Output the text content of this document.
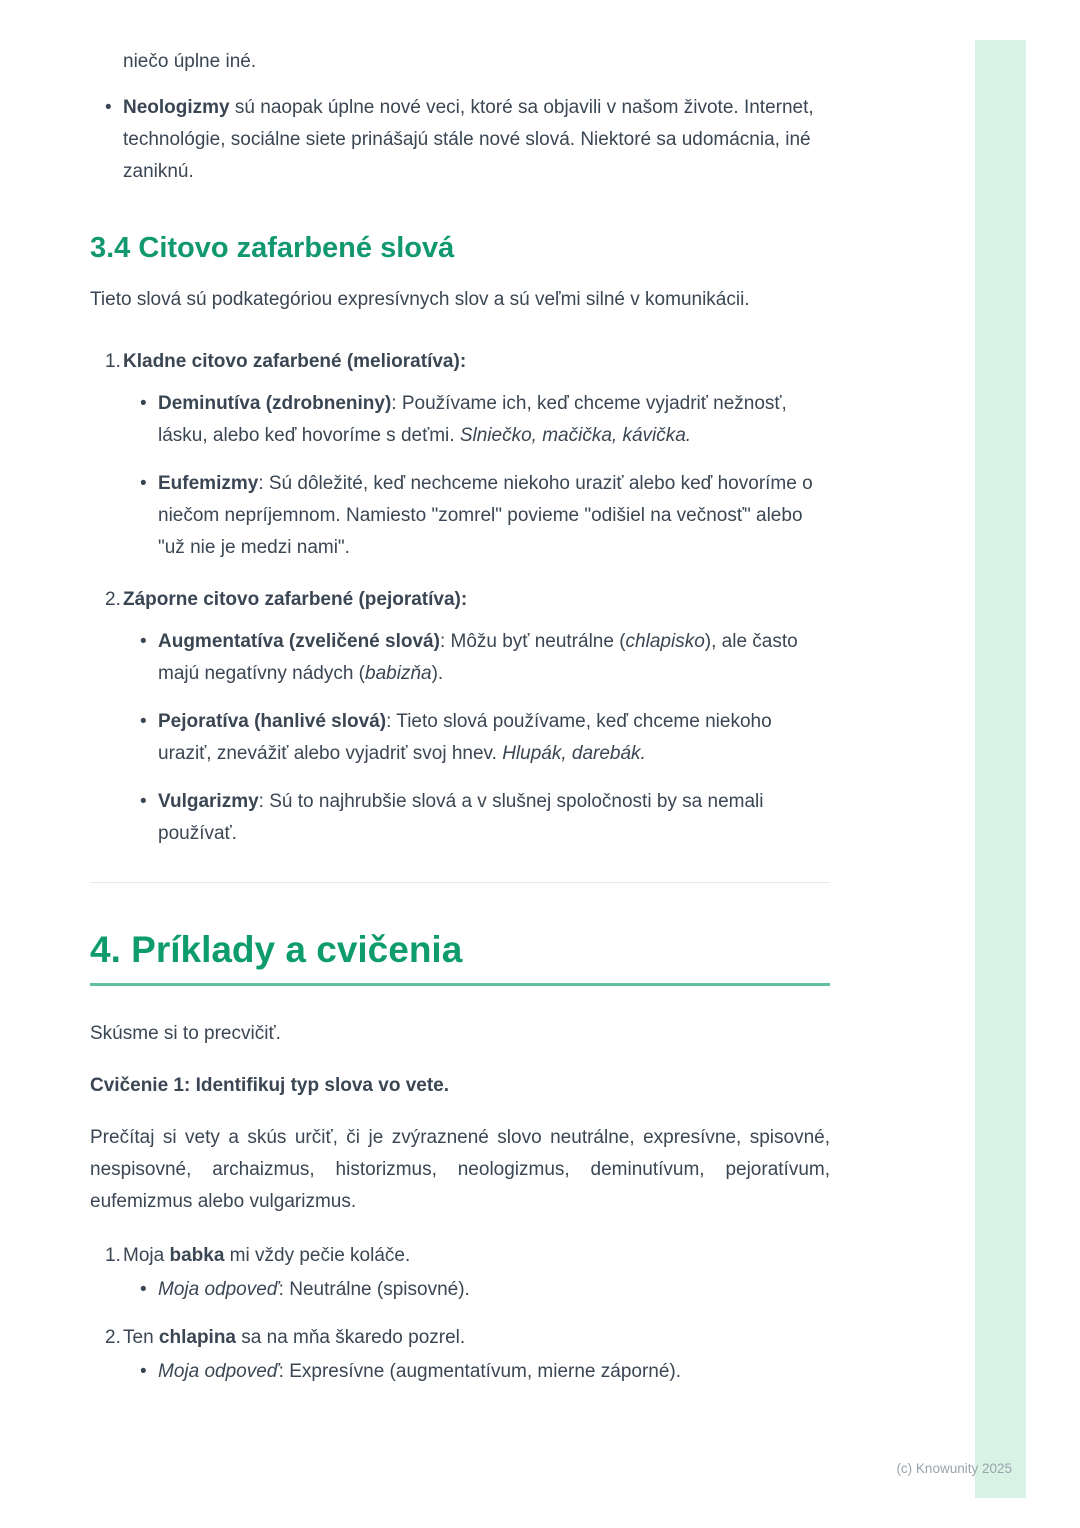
niečo úplne iné.

• Neologizmy sú naopak úplne nové veci, ktoré sa objavili v našom živote. Internet, technológie, sociálne siete prinášajú stále nové slová. Niektoré sa udomácnia, iné zaniknú.
3.4 Citovo zafarbené slová

Tieto slová sú podkategóriou expresívnych slov a sú veľmi silné v komunikácii.

1. Kladne citovo zafarbené (melioratíva):
• Deminutíva (zdrobneniny): Používame ich, keď chceme vyjadriť nežnosť, lásku, alebo keď hovoríme s deťmi. Slniečko, mačička, kávička.
• Eufemizmy: Sú dôležité, keď nechceme niekoho uraziť alebo keď hovoríme o niečom nepríjemnom. Namiesto "zomrel" povieme "odišiel na večnosť" alebo "už nie je medzi nami".
2. Záporne citovo zafarbené (pejoratíva):
• Augmentatíva (zveličené slová): Môžu byť neutrálne (chlapisko), ale často majú negatívny nádych (babizňa).
• Pejoratíva (hanlivé slová): Tieto slová používame, keď chceme niekoho uraziť, znevážiť alebo vyjadriť svoj hnev. Hlupák, darebák.
• Vulgarizmy: Sú to najhrubšie slová a v slušnej spoločnosti by sa nemali používať.
4. Príklady a cvičenia

Skúsme si to precvičiť.

Cvičenie 1: Identifikuj typ slova vo vete.

Prečítaj si vety a skús určiť, či je zvýraznené slovo neutrálne, expresívne, spisovné, nespisovné, archaizmus, historizmus, neologizmus, deminutívum, pejoratívum, eufemizmus alebo vulgarizmus.

1. Moja babka mi vždy pečie koláče.
• Moja odpoveď: Neutrálne (spisovné).
2. Ten chlapina sa na mňa škaredo pozrel.
• Moja odpoveď: Expresívne (augmentatívum, mierne záporné).
(c) Knowunity 2025
